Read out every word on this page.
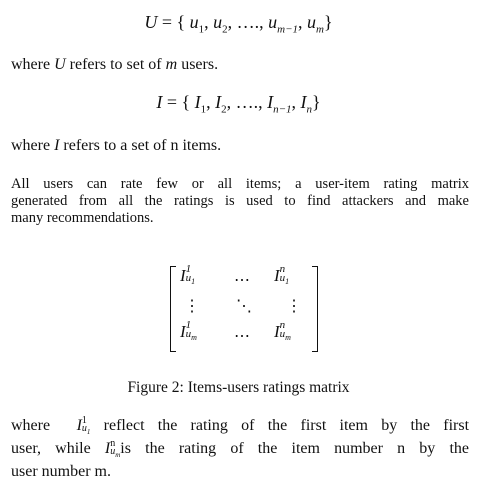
U = { $u_1$, $u_2$, …., $u_{m-1}$, $u_m$}
where U refers to set of m users.
I = { $I_1$, $I_2$, …., $I_{n-1}$, $I_n$}
where I refers to a set of n items.
All users can rate few or all items; a user-item rating matrix
generated from all the ratings is used to find attackers and make
many recommendations.
I 1
$u_1$ ⋯ I n
$u_1$
⋮ ⋱ ⋮
I 1
$u_m$ ⋯ I n
$u_m$
Figure 2: Items-users ratings matrix
where I 1
$u_1$ reflect the rating of the first item by the first
user, while I n
$u_m$ is the rating of the item number n by the
user number m.
